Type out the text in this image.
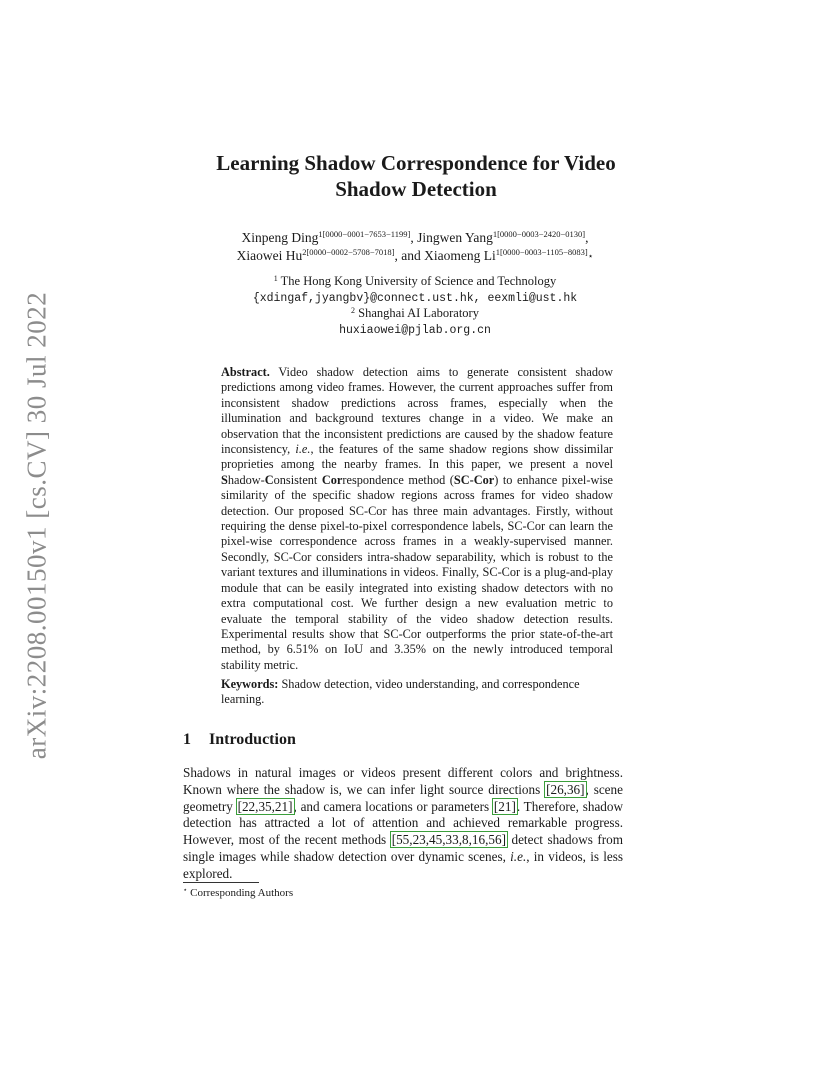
arXiv:2208.00150v1 [cs.CV] 30 Jul 2022
Learning Shadow Correspondence for Video Shadow Detection
Xinpeng Ding$^{1[0000-0001-7653-1199]}$, Jingwen Yang$^{1[0000-0003-2420-0130]}$,
Xiaowei $Hu^{2[0000-0002-5708-7018]}$, and Xiaomeng $Li^{1[0000-0003-1105-8083]}⋆$
$^1$ The Hong Kong University of Science and Technology
{xdingaf,jyangbv}@connect.ust.hk, eexmli@ust.hk
$^2$ Shanghai AI Laboratory
huxiaowei@pjlab.org.cn
Abstract. Video shadow detection aims to generate consistent shadow predictions among video frames. However, the current approaches suffer from inconsistent shadow predictions across frames, especially when the illumination and background textures change in a video. We make an observation that the inconsistent predictions are caused by the shadow feature inconsistency, i.e., the features of the same shadow regions show dissimilar proprieties among the nearby frames. In this paper, we present a novel Shadow-Consistent Correspondence method (SC-Cor) to enhance pixel-wise similarity of the specific shadow regions across frames for video shadow detection. Our proposed SC-Cor has three main advantages. Firstly, without requiring the dense pixel-to-pixel correspondence labels, SC-Cor can learn the pixel-wise correspondence across frames in a weakly-supervised manner. Secondly, SC-Cor considers intra-shadow separability, which is robust to the variant textures and illuminations in videos. Finally, SC-Cor is a plug-and-play module that can be easily integrated into existing shadow detectors with no extra computational cost. We further design a new evaluation metric to evaluate the temporal stability of the video shadow detection results. Experimental results show that SC-Cor outperforms the prior state-of-the-art method, by 6.51% on IoU and 3.35% on the newly introduced temporal stability metric.
Keywords: Shadow detection, video understanding, and correspondence learning.
1 Introduction
Shadows in natural images or videos present different colors and brightness. Known where the shadow is, we can infer light source directions [26,36], scene geometry [22,35,21], and camera locations or parameters [21]. Therefore, shadow detection has attracted a lot of attention and achieved remarkable progress. However, most of the recent methods [55,23,45,33,8,16,56] detect shadows from single images while shadow detection over dynamic scenes, i.e., in videos, is less explored.
⋆ Corresponding Authors
